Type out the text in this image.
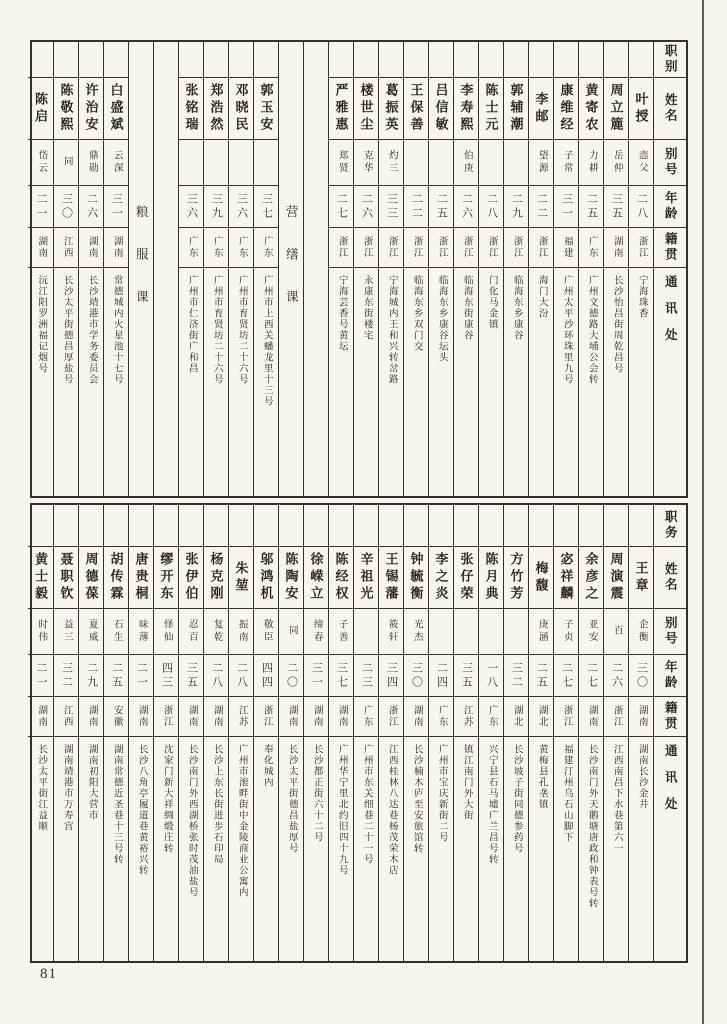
职别
姓名
别号
年龄
籍贯
通讯处
叶授
悫父
二八
浙江
宁海珠香
周立簏
岳仲
三五
湖南
长沙怡昌街周乾昌号
黄寄农
力耕
二五
广东
广州文德路大埔公会转
康维经
子常
三一
福建
广州太平沙环珠里九号
李邮
望源
二二
浙江
海门大汾
郭辅潮
二九
浙江
临海东乡康谷
陈士元
二八
浙江
门化马金镇
李寿熙
伯庚
二六
浙江
临海东街康谷
吕信敏
二五
浙江
临海东乡康谷坛头
王保善
二二
浙江
临海东乡双门交
葛振英
灼三
三三
浙江
宁海城内王和兴转岔路
楼世尘
克华
二六
浙江
永康东街楼宅
严雅惠
郑贤
二七
浙江
宁海芸香号黄坛
营缮课
郭玉安
三七
广东
广州市上西关蟠龙里十三号
邓晓民
三六
广东
广州市育贤坊二十六号
郑浩然
三九
广东
广州市育贤坊二十六号
张铭瑞
三六
广东
广州市仁济街广和昌
粮服课
白盛斌
云深
三一
湖南
常德城内火星池十七号
许治安
鼎勋
二六
湖南
长沙靖港市学务委员会
陈敬熙
同
三〇
江西
长沙太平街德昌厚盐号
陈启
岱云
二一
湖南
沅江阳罗洲福记烟号
职务
姓名
别号
年龄
籍贯
通讯处
王章
企衡
三〇
湖南
湖南长沙金井
周演震
百
二六
浙江
江西南昌下水巷第六一
余彦之
亚安
二七
湖南
长沙南门外天鹅塘唐政和钟表号转
宓祥麟
子贞
二七
浙江
福建汀州乌石山脚下
梅馥
庚涵
二五
湖北
黄梅县孔垄镇
方竹芳
三二
湖北
长沙坡子街同德参药号
陈月典
一八
广东
兴宁县石马墟广兰昌号转
张仔荣
三五
江苏
镇江南门外大街
李之炎
二四
广东
广州市宝庆新街二号
钟毓衡
光杰
三〇
湖南
长沙楠木庐至安旅馆转
王锡藩
筱轩
三四
浙江
江西桂林八达巷杨茂荣木店
辛祖光
二三
广东
广州市东关细巷二十一号
陈经权
子善
三七
湖南
广州华宁里北约旧四十九号
徐嵘立
缔春
三一
湖南
长沙都正街六十二号
陈陶安
同
二〇
湖南
长沙太平街德昌盐厚号
邬鸿机
敬臣
四四
浙江
奉化城内
朱堃
振南
二八
江苏
广州市滚畔街中金陵商业公寓内
杨克刚
复乾
二八
湖南
长沙上东长街进步石印局
张伊伯
忍百
三五
湖南
长沙南门外西湖桥张时茂油盐号
缪开东
怿仙
四三
浙江
沈家门新大祥绸缎庄转
唐贵桐
味薄
二一
湖南
长沙八角亭履道巷黄裕兴转
胡传霖
石生
二五
安徽
湖南常德近圣巷十三号转
周德葆
夏威
二九
湖南
湖南初阳大营市
聂职钦
益三
三二
江西
湖南靖港市万寿宫
黄士毅
时伟
二一
湖南
长沙太平街江益顺
81
